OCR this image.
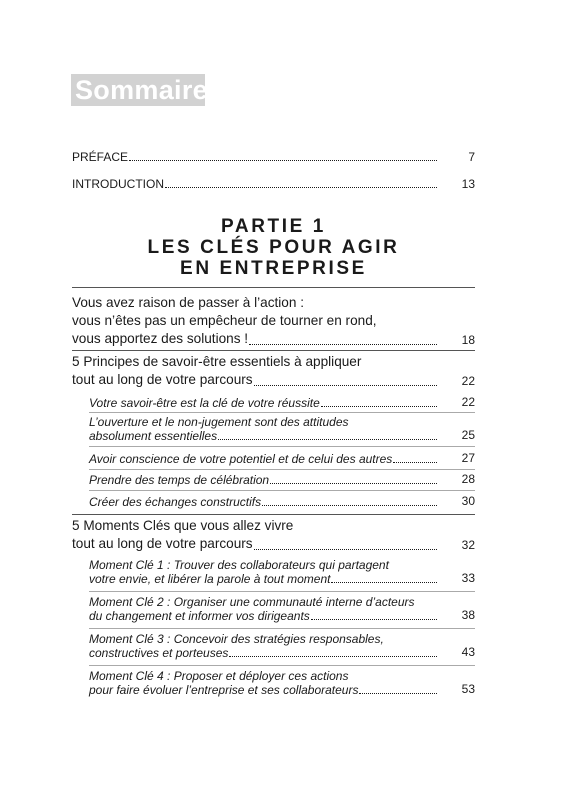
Sommaire
PRÉFACE	7
INTRODUCTION	13
PARTIE 1
LES CLÉS POUR AGIR
EN ENTREPRISE
Vous avez raison de passer à l’action :
vous n’êtes pas un empêcheur de tourner en rond,
vous apportez des solutions !	18
5 Principes de savoir-être essentiels à appliquer
tout au long de votre parcours	22
Votre savoir-être est la clé de votre réussite	22
L’ouverture et le non-jugement sont des attitudes
absolument essentielles	25
Avoir conscience de votre potentiel et de celui des autres	27
Prendre des temps de célébration	28
Créer des échanges constructifs	30
5 Moments Clés que vous allez vivre
tout au long de votre parcours	32
Moment Clé 1 : Trouver des collaborateurs qui partagent
votre envie, et libérer la parole à tout moment	33
Moment Clé 2 : Organiser une communauté interne d’acteurs
du changement et informer vos dirigeants	38
Moment Clé 3 : Concevoir des stratégies responsables,
constructives et porteuses	43
Moment Clé 4 : Proposer et déployer ces actions
pour faire évoluer l’entreprise et ses collaborateurs	53
